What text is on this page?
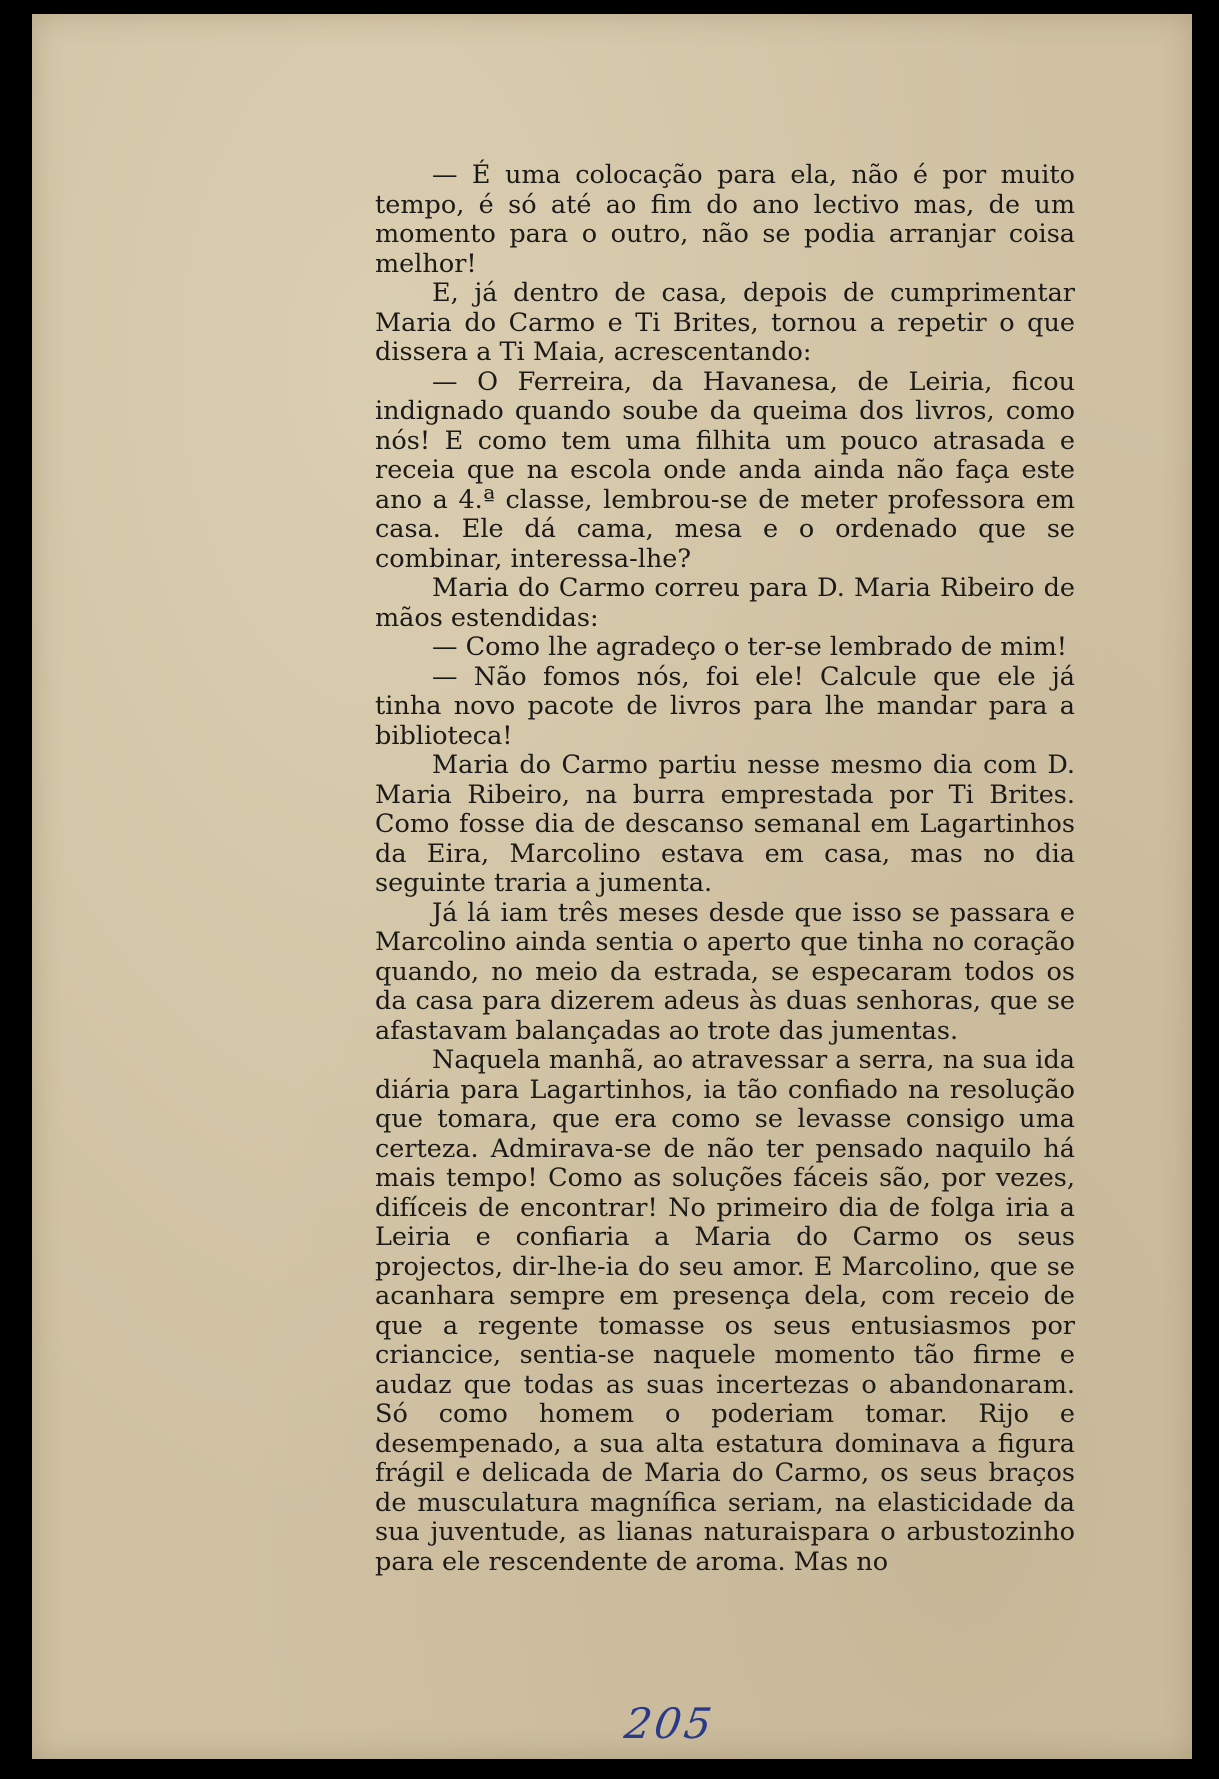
— É uma colocação para ela, não é por muito tempo, é só até ao fim do ano lectivo mas, de um momento para o outro, não se podia arranjar coisa melhor!

E, já dentro de casa, depois de cumprimentar Maria do Carmo e Ti Brites, tornou a repetir o que dissera a Ti Maia, acrescentando:

— O Ferreira, da Havanesa, de Leiria, ficou indignado quando soube da queima dos livros, como nós! E como tem uma filhita um pouco atrasada e receia que na escola onde anda ainda não faça este ano a 4.ª classe, lembrou-se de meter professora em casa. Ele dá cama, mesa e o ordenado que se combinar, interessa-lhe?

Maria do Carmo correu para D. Maria Ribeiro de mãos estendidas:

— Como lhe agradeço o ter-se lembrado de mim!

— Não fomos nós, foi ele! Calcule que ele já tinha novo pacote de livros para lhe mandar para a biblioteca!

Maria do Carmo partiu nesse mesmo dia com D. Maria Ribeiro, na burra emprestada por Ti Brites. Como fosse dia de descanso semanal em Lagartinhos da Eira, Marcolino estava em casa, mas no dia seguinte traria a jumenta.

Já lá iam três meses desde que isso se passara e Marcolino ainda sentia o aperto que tinha no coração quando, no meio da estrada, se especaram todos os da casa para dizerem adeus às duas senhoras, que se afastavam balançadas ao trote das jumentas.

Naquela manhã, ao atravessar a serra, na sua ida diária para Lagartinhos, ia tão confiado na resolução que tomara, que era como se levasse consigo uma certeza. Admirava-se de não ter pensado naquilo há mais tempo! Como as soluções fáceis são, por vezes, difíceis de encontrar! No primeiro dia de folga iria a Leiria e confiaria a Maria do Carmo os seus projectos, dir-lhe-ia do seu amor. E Marcolino, que se acanhara sempre em presença dela, com receio de que a regente tomasse os seus entusiasmos por criancice, sentia-se naquele momento tão firme e audaz que todas as suas incertezas o abandonaram. Só como homem o poderiam tomar. Rijo e desempenado, a sua alta estatura dominava a figura frágil e delicada de Maria do Carmo, os seus braços de musculatura magnífica seriam, na elasticidade da sua juventude, as lianas naturaispara o arbustozinho para ele rescendente de aroma. Mas no

205
